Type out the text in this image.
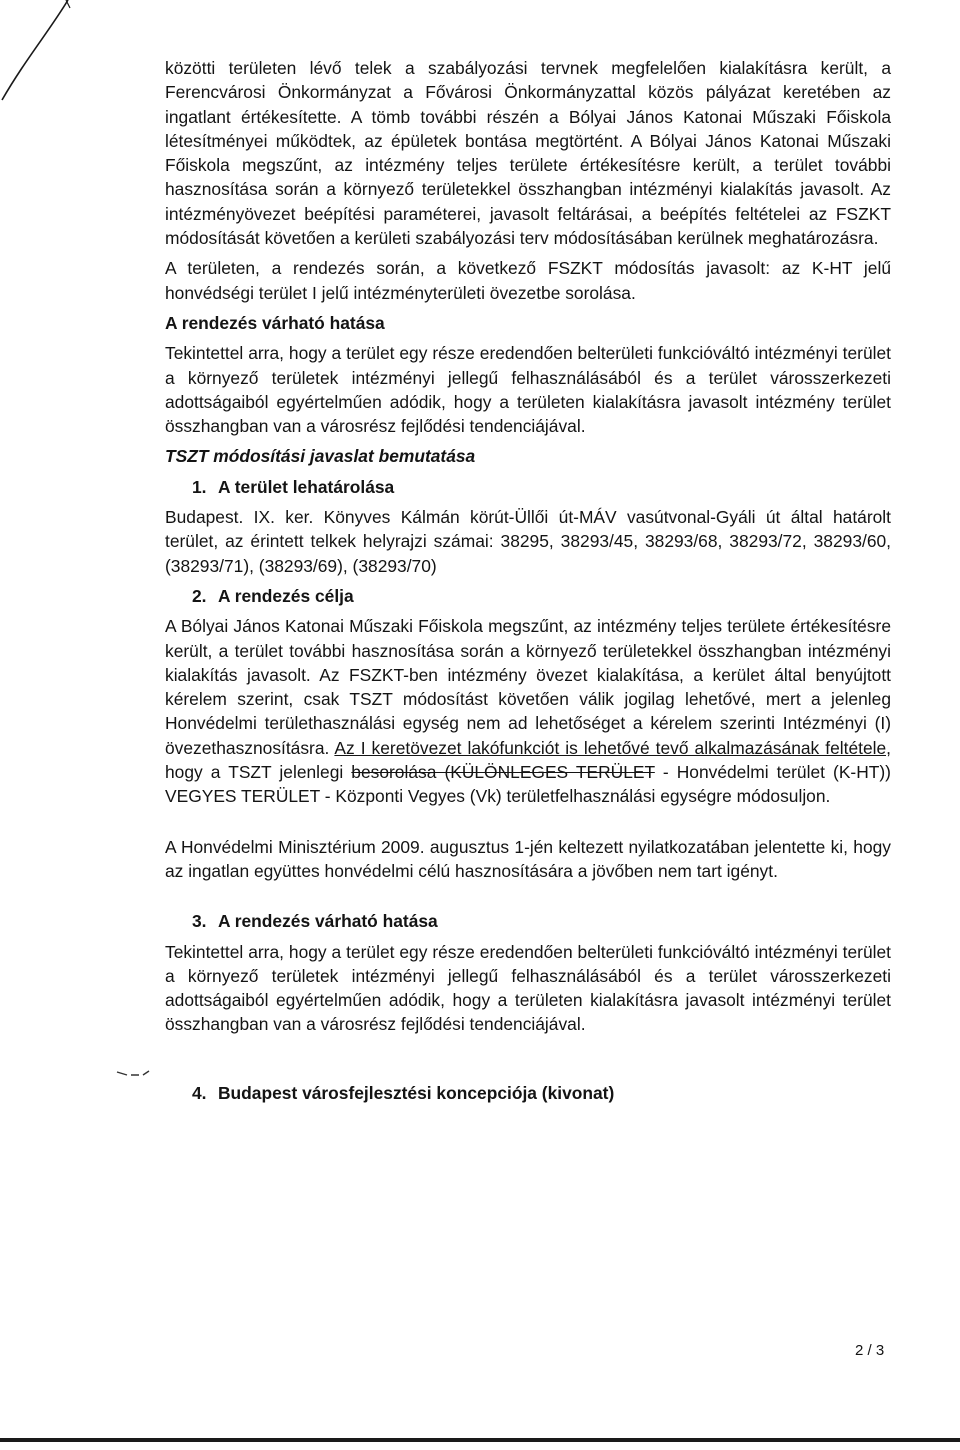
közötti területen lévő telek a szabályozási tervnek megfelelően kialakításra került, a Ferencvárosi Önkormányzat a Fővárosi Önkormányzattal közös pályázat keretében az ingatlant értékesítette. A tömb további részén a Bólyai János Katonai Műszaki Főiskola létesítményei működtek, az épületek bontása megtörtént. A Bólyai János Katonai Műszaki Főiskola megszűnt, az intézmény teljes területe értékesítésre került, a terület további hasznosítása során a környező területekkel összhangban intézményi kialakítás javasolt. Az intézményövezet beépítési paraméterei, javasolt feltárásai, a beépítés feltételei az FSZKT módosítását követően a kerületi szabályozási terv módosításában kerülnek meghatározásra.

A területen, a rendezés során, a következő FSZKT módosítás javasolt: az K-HT jelű honvédségi terület I jelű intézményterületi övezetbe sorolása.

A rendezés várható hatása

Tekintettel arra, hogy a terület egy része eredendően belterületi funkcióváltó intézményi terület a környező területek intézményi jellegű felhasználásából és a terület városszerkezeti adottságaiból egyértelműen adódik, hogy a területen kialakításra javasolt intézmény terület összhangban van a városrész fejlődési tendenciájával.

TSZT módosítási javaslat bemutatása

1. A terület lehatárolása

Budapest. IX. ker. Könyves Kálmán körút-Üllői út-MÁV vasútvonal-Gyáli út által határolt terület, az érintett telkek helyrajzi számai: 38295, 38293/45, 38293/68, 38293/72, 38293/60, (38293/71), (38293/69), (38293/70)

2. A rendezés célja

A Bólyai János Katonai Műszaki Főiskola megszűnt, az intézmény teljes területe értékesítésre került, a terület további hasznosítása során a környező területekkel összhangban intézményi kialakítás javasolt. Az FSZKT-ben intézmény övezet kialakítása, a kerület által benyújtott kérelem szerint, csak TSZT módosítást követően válik jogilag lehetővé, mert a jelenleg Honvédelmi területhasználási egység nem ad lehetőséget a kérelem szerinti Intézményi (I) övezethasznosításra. Az I keretövezet lakófunkciót is lehetővé tevő alkalmazásának feltétele, hogy a TSZT jelenlegi besorolása (KÜLÖNLEGES TERÜLET - Honvédelmi terület (K-HT)) VEGYES TERÜLET - Központi Vegyes (Vk) területfelhasználási egységre módosuljon.

A Honvédelmi Minisztérium 2009. augusztus 1-jén keltezett nyilatkozatában jelentette ki, hogy az ingatlan együttes honvédelmi célú hasznosítására a jövőben nem tart igényt.

3. A rendezés várható hatása

Tekintettel arra, hogy a terület egy része eredendően belterületi funkcióváltó intézményi terület a környező területek intézményi jellegű felhasználásából és a terület városszerkezeti adottságaiból egyértelműen adódik, hogy a területen kialakításra javasolt intézményi terület összhangban van a városrész fejlődési tendenciájával.

4. Budapest városfejlesztési koncepciója (kivonat)

2 / 3
